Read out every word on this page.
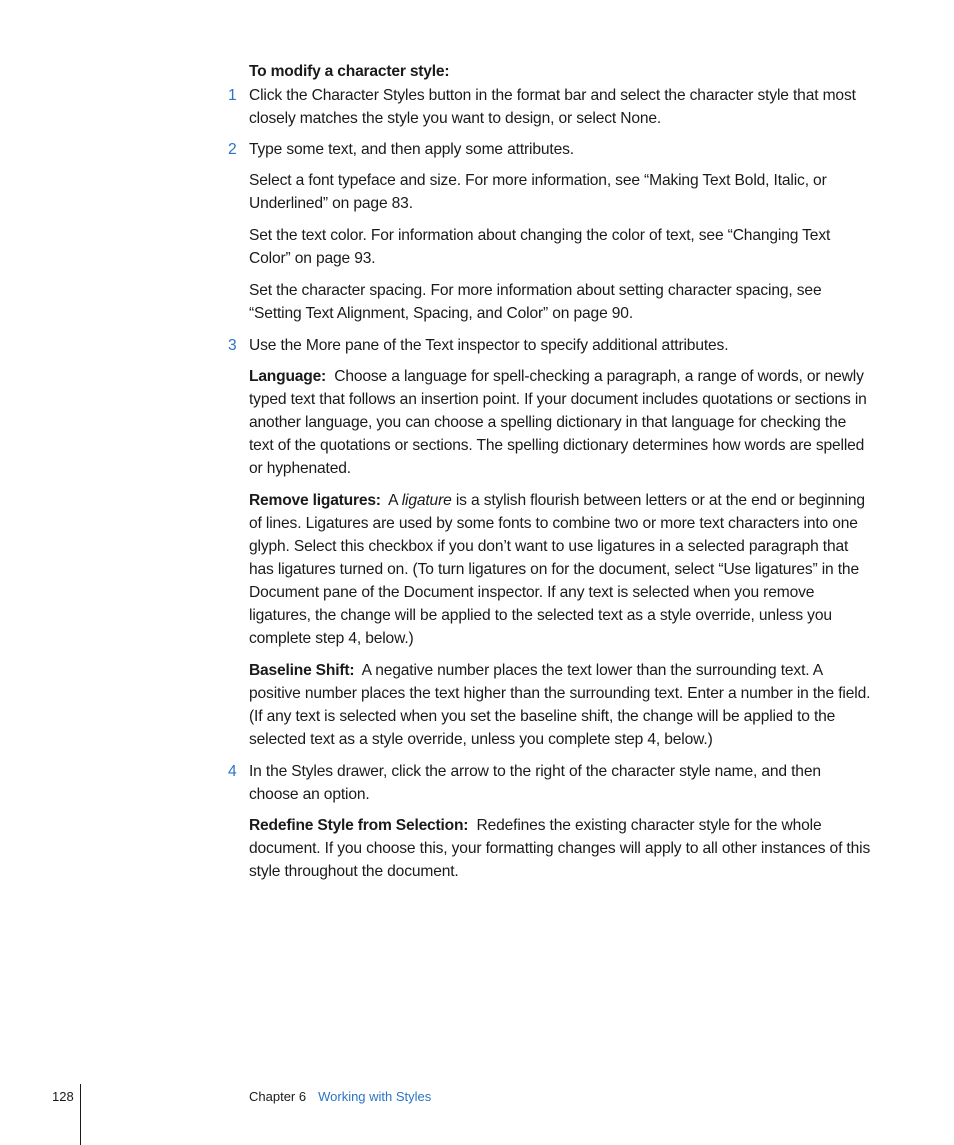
To modify a character style:
1 Click the Character Styles button in the format bar and select the character style that most closely matches the style you want to design, or select None.
2 Type some text, and then apply some attributes.
Select a font typeface and size. For more information, see “Making Text Bold, Italic, or Underlined” on page 83.
Set the text color. For information about changing the color of text, see “Changing Text Color” on page 93.
Set the character spacing. For more information about setting character spacing, see “Setting Text Alignment, Spacing, and Color” on page 90.
3 Use the More pane of the Text inspector to specify additional attributes.
Language: Choose a language for spell-checking a paragraph, a range of words, or newly typed text that follows an insertion point. If your document includes quotations or sections in another language, you can choose a spelling dictionary in that language for checking the text of the quotations or sections. The spelling dictionary determines how words are spelled or hyphenated.
Remove ligatures: A ligature is a stylish flourish between letters or at the end or beginning of lines. Ligatures are used by some fonts to combine two or more text characters into one glyph. Select this checkbox if you don’t want to use ligatures in a selected paragraph that has ligatures turned on. (To turn ligatures on for the document, select “Use ligatures” in the Document pane of the Document inspector. If any text is selected when you remove ligatures, the change will be applied to the selected text as a style override, unless you complete step 4, below.)
Baseline Shift: A negative number places the text lower than the surrounding text. A positive number places the text higher than the surrounding text. Enter a number in the field. (If any text is selected when you set the baseline shift, the change will be applied to the selected text as a style override, unless you complete step 4, below.)
4 In the Styles drawer, click the arrow to the right of the character style name, and then choose an option.
Redefine Style from Selection: Redefines the existing character style for the whole document. If you choose this, your formatting changes will apply to all other instances of this style throughout the document.
128	Chapter 6 Working with Styles
